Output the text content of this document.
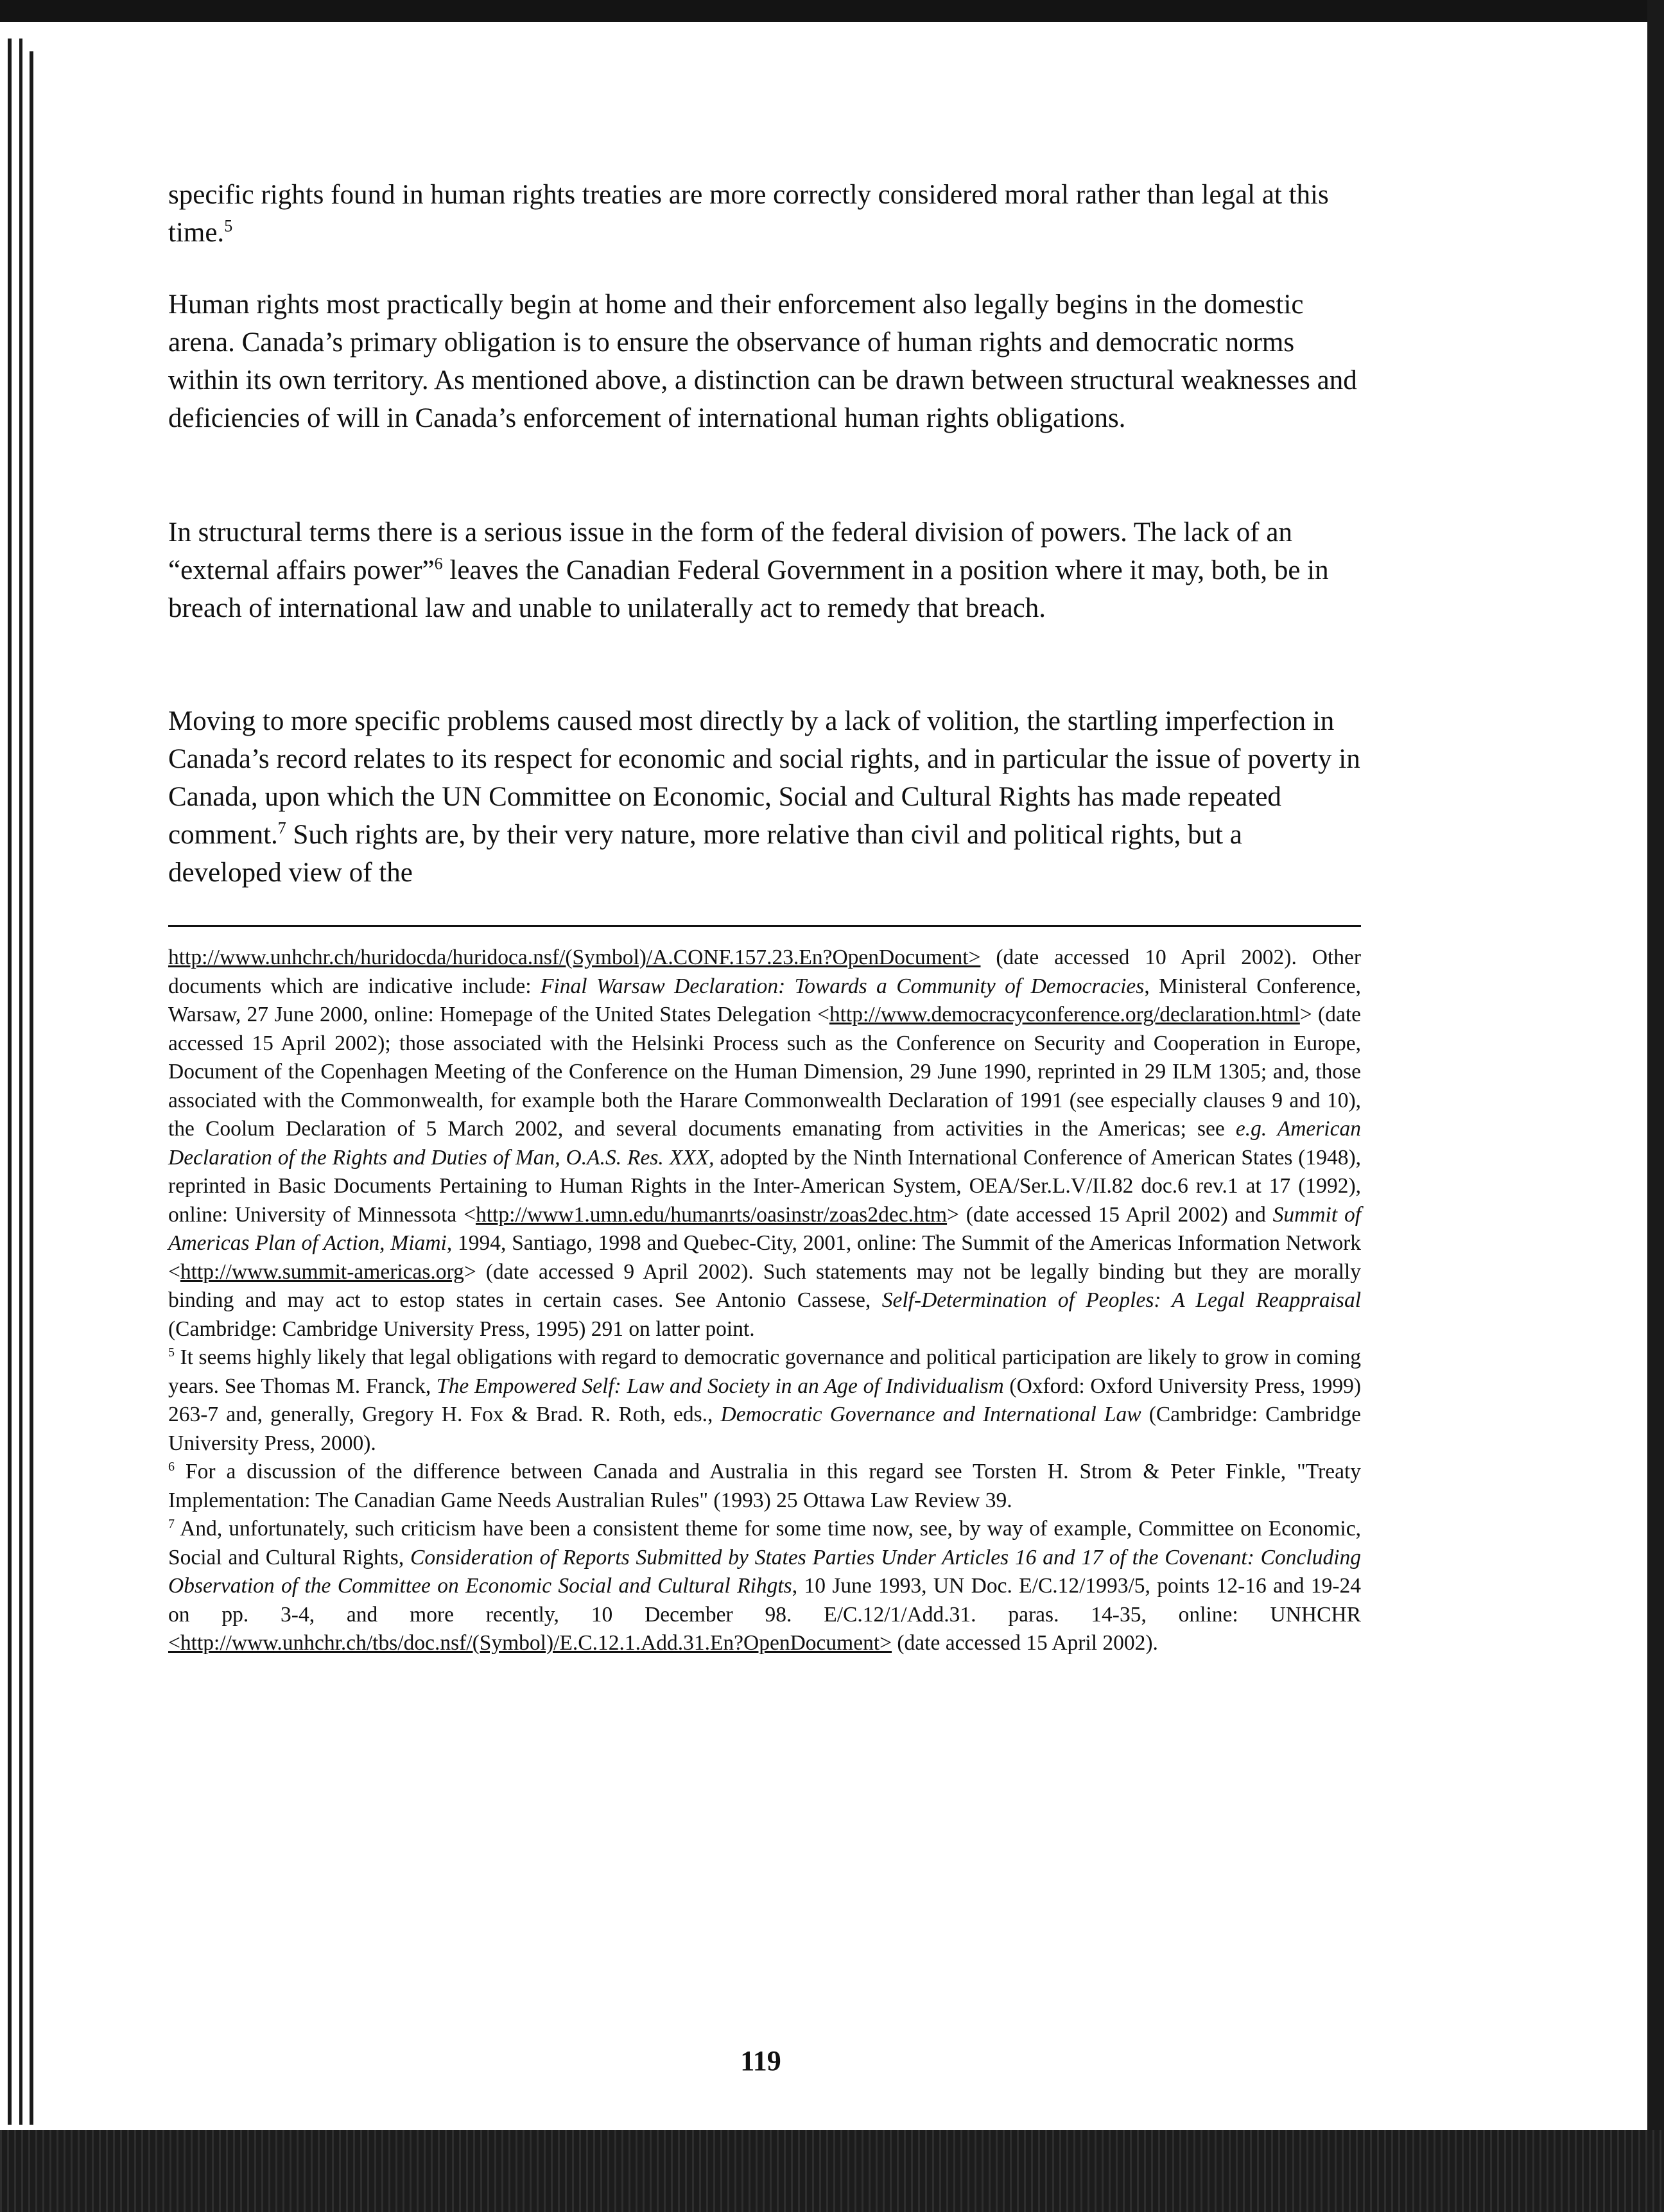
specific rights found in human rights treaties are more correctly considered moral rather than legal at this time.$^5$

Human rights most practically begin at home and their enforcement also legally begins in the domestic arena. Canada’s primary obligation is to ensure the observance of human rights and democratic norms within its own territory. As mentioned above, a distinction can be drawn between structural weaknesses and deficiencies of will in Canada’s enforcement of international human rights obligations.

In structural terms there is a serious issue in the form of the federal division of powers. The lack of an “external affairs power”$^6$ leaves the Canadian Federal Government in a position where it may, both, be in breach of international law and unable to unilaterally act to remedy that breach.

Moving to more specific problems caused most directly by a lack of volition, the startling imperfection in Canada’s record relates to its respect for economic and social rights, and in particular the issue of poverty in Canada, upon which the UN Committee on Economic, Social and Cultural Rights has made repeated comment.$^7$ Such rights are, by their very nature, more relative than civil and political rights, but a developed view of the

http://www.unhchr.ch/huridocda/huridoca.nsf/(Symbol)/A.CONF.157.23.En?OpenDocument> (date accessed 10 April 2002). Other documents which are indicative include: Final Warsaw Declaration: Towards a Community of Democracies, Ministeral Conference, Warsaw, 27 June 2000, online: Homepage of the United States Delegation <http://www.democracyconference.org/declaration.html> (date accessed 15 April 2002); those associated with the Helsinki Process such as the Conference on Security and Cooperation in Europe, Document of the Copenhagen Meeting of the Conference on the Human Dimension, 29 June 1990, reprinted in 29 ILM 1305; and, those associated with the Commonwealth, for example both the Harare Commonwealth Declaration of 1991 (see especially clauses 9 and 10), the Coolum Declaration of 5 March 2002, and several documents emanating from activities in the Americas; see e.g. American Declaration of the Rights and Duties of Man, O.A.S. Res. XXX, adopted by the Ninth International Conference of American States (1948), reprinted in Basic Documents Pertaining to Human Rights in the Inter-American System, OEA/Ser.L.V/II.82 doc.6 rev.1 at 17 (1992), online: University of Minnessota <http://www1.umn.edu/humanrts/oasinstr/zoas2dec.htm> (date accessed 15 April 2002) and Summit of Americas Plan of Action, Miami, 1994, Santiago, 1998 and Quebec-City, 2001, online: The Summit of the Americas Information Network <http://www.summit-americas.org> (date accessed 9 April 2002). Such statements may not be legally binding but they are morally binding and may act to estop states in certain cases. See Antonio Cassese, Self-Determination of Peoples: A Legal Reappraisal (Cambridge: Cambridge University Press, 1995) 291 on latter point.

$^5$ It seems highly likely that legal obligations with regard to democratic governance and political participation are likely to grow in coming years. See Thomas M. Franck, The Empowered Self: Law and Society in an Age of Individualism (Oxford: Oxford University Press, 1999) 263-7 and, generally, Gregory H. Fox & Brad. R. Roth, eds., Democratic Governance and International Law (Cambridge: Cambridge University Press, 2000).

$^6$ For a discussion of the difference between Canada and Australia in this regard see Torsten H. Strom & Peter Finkle, "Treaty Implementation: The Canadian Game Needs Australian Rules" (1993) 25 Ottawa Law Review 39.

$^7$ And, unfortunately, such criticism have been a consistent theme for some time now, see, by way of example, Committee on Economic, Social and Cultural Rights, Consideration of Reports Submitted by States Parties Under Articles 16 and 17 of the Covenant: Concluding Observation of the Committee on Economic Social and Cultural Rihgts, 10 June 1993, UN Doc. E/C.12/1993/5, points 12-16 and 19-24 on pp. 3-4, and more recently, 10 December 98. E/C.12/1/Add.31. paras. 14-35, online: UNHCHR <http://www.unhchr.ch/tbs/doc.nsf/(Symbol)/E.C.12.1.Add.31.En?OpenDocument> (date accessed 15 April 2002).

119
